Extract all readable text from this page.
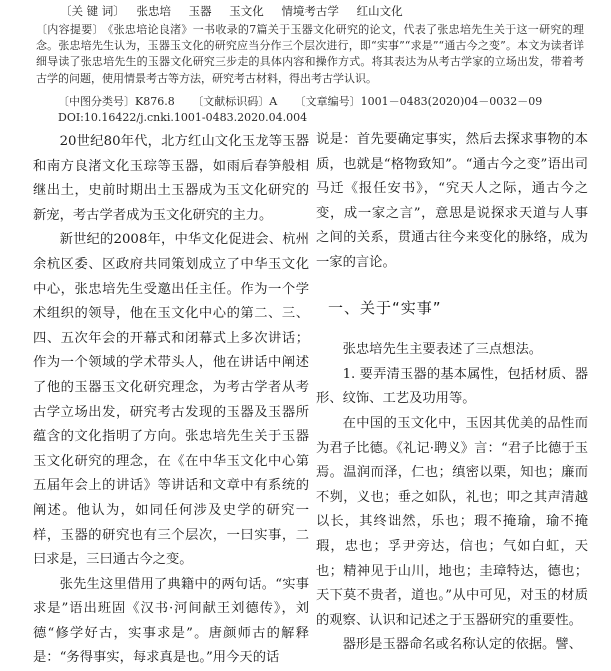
〔关 键 词〕 张忠培 玉器 玉文化 情境考古学 红山文化
〔内容提要〕 《张忠培论良渚》一书收录的7篇关于玉器文化研究的论文，代表了张忠培先生关于这一研究的理念。张忠培先生认为，玉器玉文化的研究应当分作三个层次进行，即“实事”“求是”“通古今之变”。本文为读者详细导读了张忠培先生的玉器文化研究三步走的具体内容和操作方式。将其表达为从考古学家的立场出发，带着考古学的问题，使用情景考古等方法，研究考古材料，得出考古学认识。
〔中图分类号〕K876.8 〔文献标识码〕A 〔文章编号〕1001－0483(2020)04－0032－09
DOI:10.16422/j.cnki.1001-0483.2020.04.004

20世纪80年代，北方红山文化玉龙等玉器和南方良渚文化玉琮等玉器，如雨后春笋般相继出土，史前时期出土玉器成为玉文化研究的新宠，考古学者成为玉文化研究的主力。

新世纪的2008年，中华文化促进会、杭州余杭区委、区政府共同策划成立了中华玉文化中心，张忠培先生受邀出任主任。作为一个学术组织的领导，他在玉文化中心的第二、三、四、五次年会的开幕式和闭幕式上多次讲话；作为一个领域的学术带头人，他在讲话中阐述了他的玉器玉文化研究理念，为考古学者从考古学立场出发，研究考古发现的玉器及玉器所蕴含的文化指明了方向。张忠培先生关于玉器玉文化研究的理念，在《在中华玉文化中心第五届年会上的讲话》等讲话和文章中有系统的阐述。他认为，如同任何涉及史学的研究一样，玉器的研究也有三个层次，一曰实事，二曰求是，三曰通古今之变。

张先生这里借用了典籍中的两句话。“实事求是”语出班固《汉书·河间献王刘德传》，刘德“修学好古，实事求是”。唐颜师古的解释是：“务得事实，每求真是也。”用今天的话

说是：首先要确定事实，然后去探求事物的本质，也就是“格物致知”。“通古今之变”语出司马迁《报任安书》，“究天人之际，通古今之变，成一家之言”，意思是说探求天道与人事之间的关系，贯通古往今来变化的脉络，成为一家的言论。

一、关于“实事”

张忠培先生主要表述了三点想法。

1. 要弄清玉器的基本属性，包括材质、器形、纹饰、工艺及功用等。

在中国的玉文化中，玉因其优美的品性而为君子比德。《礼记·聘义》言：“君子比德于玉焉。温润而泽，仁也；缜密以栗，知也；廉而不刿，义也；垂之如队，礼也；叩之其声清越以长，其终诎然，乐也；瑕不掩瑜，瑜不掩瑕，忠也；孚尹旁达，信也；气如白虹，天也；精神见于山川，地也；圭璋特达，德也；天下莫不贵者，道也。”从中可见，对玉的材质的观察、认识和记述之于玉器研究的重要性。

器形是玉器命名或名称认定的依据。譬、
